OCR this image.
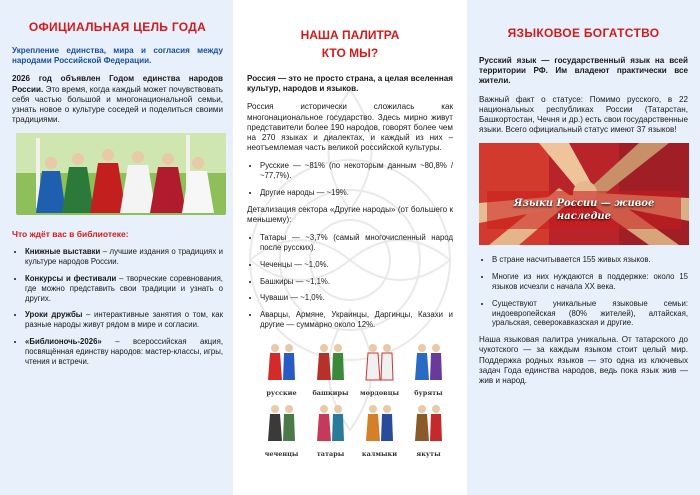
ОФИЦИАЛЬНАЯ ЦЕЛЬ ГОДА

Укрепление единства, мира и согласия между народами Российской Федерации.

2026 год объявлен Годом единства народов России. Это время, когда каждый может почувствовать себя частью большой и многонациональной семьи, узнать новое о культуре соседей и поделиться своими традициями.

Что ждёт вас в библиотеке:
• Книжные выставки – лучшие издания о традициях и культуре народов России.
• Конкурсы и фестивали – творческие соревнования, где можно представить свои традиции и узнать о других.
• Уроки дружбы – интерактивные занятия о том, как разные народы живут рядом в мире и согласии.
• «Библионочь-2026» – всероссийская акция, посвящённая единству народов: мастер-классы, игры, чтения и встречи.
НАША ПАЛИТРА
КТО МЫ?

Россия — это не просто страна, а целая вселенная культур, народов и языков.

Россия исторически сложилась как многонациональное государство. Здесь мирно живут представители более 190 народов, говорят более чем на 270 языках и диалектах, и каждый из них – неотъемлемая часть великой российской культуры.

• Русские — ~81% (по некоторым данным ~80,8% / ~77,7%).
• Другие народы — ~19%.

Детализация сектора «Другие народы» (от большего к меньшему):

• Татары — ~3,7% (самый многочисленный народ после русских).
• Чеченцы — ~1,0%.
• Башкиры — ~1,1%.
• Чуваши — ~1,0%.
• Аварцы, Армяне, Украинцы, Даргинцы, Казахи и другие — суммарно около 12%.
русские	башкиры	мордовцы	буряты
чеченцы	татары	калмыки	якуты
ЯЗЫКОВОЕ БОГАТСТВО

Русский язык — государственный язык на всей территории РФ. Им владеют практически все жители.

Важный факт о статусе: Помимо русского, в 22 национальных республиках России (Татарстан, Башкортостан, Чечня и др.) есть свои государственные языки. Всего официальный статус имеют 37 языков!

Языки России — живое
наследие
• В стране насчитывается 155 живых языков.
• Многие из них нуждаются в поддержке: около 15 языков исчезли с начала XX века.
• Существуют уникальные языковые семьи: индоевропейская (80% жителей), алтайская, уральская, северокавказская и другие.

Наша языковая палитра уникальна. От татарского до чукотского — за каждым языком стоит целый мир. Поддержка родных языков — это одна из ключевых задач Года единства народов, ведь пока язык жив — жив и народ.
